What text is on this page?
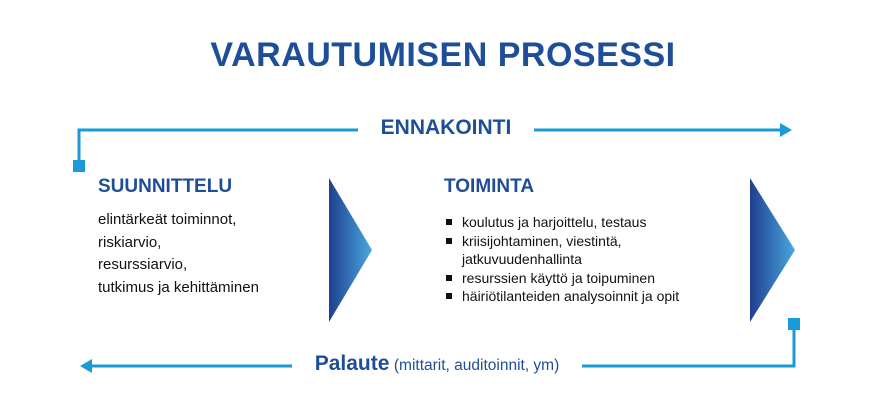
VARAUTUMISEN PROSESSI
ENNAKOINTI
Palaute (mittarit, auditoinnit, ym)
SUUNNITTELU
elintärkeät toiminnot,
riskiarvio,
resurssiarvio,
tutkimus ja kehittäminen
TOIMINTA
koulutus ja harjoittelu, testaus
kriisijohtaminen, viestintä,
jatkuvuudenhallinta
resurssien käyttö ja toipuminen
häiriötilanteiden analysoinnit ja opit
